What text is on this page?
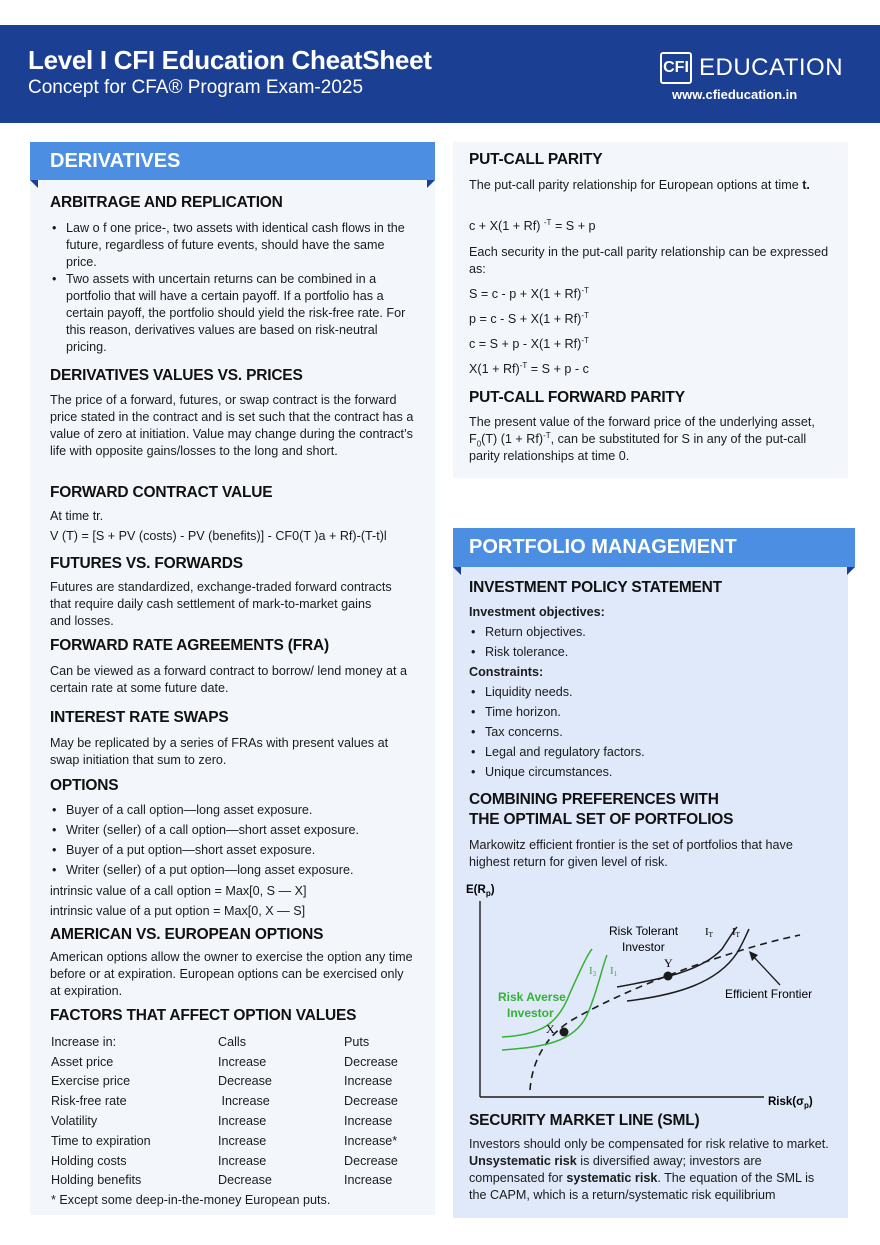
Level I CFI Education CheatSheet
Concept for CFA® Program Exam-2025
CFI EDUCATION
www.cfieducation.in
DERIVATIVES
ARBITRAGE AND REPLICATION
• Law o f one price-, two assets with identical cash flows in the future, regardless of future events, should have the same price.
• Two assets with uncertain returns can be combined in a portfolio that will have a certain payoff. If a portfolio has a certain payoff, the portfolio should yield the risk-free rate. For this reason, derivatives values are based on risk-neutral pricing.
DERIVATIVES VALUES VS. PRICES
The price of a forward, futures, or swap contract is the forward price stated in the contract and is set such that the contract has a value of zero at initiation. Value may change during the contract’s life with opposite gains/losses to the long and short.
FORWARD CONTRACT VALUE
At time tr.
V (T) = [S + PV (costs) - PV (benefits)] - CF0(T )a + Rf)-(T-t)l
FUTURES VS. FORWARDS
Futures are standardized, exchange-traded forward contracts that require daily cash settlement of mark-to-market gains and losses.
FORWARD RATE AGREEMENTS (FRA)
Can be viewed as a forward contract to borrow/ lend money at a certain rate at some future date.
INTEREST RATE SWAPS
May be replicated by a series of FRAs with present values at swap initiation that sum to zero.
OPTIONS
• Buyer of a call option—long asset exposure.
• Writer (seller) of a call option—short asset exposure.
• Buyer of a put option—short asset exposure.
• Writer (seller) of a put option—long asset exposure.
intrinsic value of a call option = Max[0, S — X]
intrinsic value of a put option = Max[0, X — S]
AMERICAN VS. EUROPEAN OPTIONS
American options allow the owner to exercise the option any time before or at expiration. European options can be exercised only at expiration.
FACTORS THAT AFFECT OPTION VALUES
Increase in:	Calls	Puts
Asset price	Increase	Decrease
Exercise price	Decrease	Increase
Risk-free rate	Increase	Decrease
Volatility	Increase	Increase
Time to expiration	Increase	Increase*
Holding costs	Increase	Decrease
Holding benefits	Decrease	Increase
* Except some deep-in-the-money European puts.
PUT-CALL PARITY
The put-call parity relationship for European options at time t.
c + X(1 + Rf) $^{-T}$ = S + p
Each security in the put-call parity relationship can be expressed as:
$S = c - p + X(1 + Rf)^{-T}$
$p = c - S + X(1 + Rf)^{-T}$
$c = S + p - X(1 + Rf)^{-T}$
$X(1 + Rf)^{-T} = S + p - c$
PUT-CALL FORWARD PARITY
The present value of the forward price of the underlying asset, $F_0(T) (1 + Rf)^{-T}$, can be substituted for S in any of the put-call parity relationships at time 0.
PORTFOLIO MANAGEMENT
INVESTMENT POLICY STATEMENT
Investment objectives:
• Return objectives.
• Risk tolerance.
Constraints:
• Liquidity needs.
• Time horizon.
• Tax concerns.
• Legal and regulatory factors.
• Unique circumstances.
COMBINING PREFERENCES WITH
THE OPTIMAL SET OF PORTFOLIOS
Markowitz efficient frontier is the set of portfolios that have highest return for given level of risk.
$E(R_p)$
$Risk(\sigma_p)$
X
Y
I3 I1
IT IT
Risk Tolerant
Investor
Risk Averse
Investor
Efficient Frontier
SECURITY MARKET LINE (SML)
Investors should only be compensated for risk relative to market. Unsystematic risk is diversified away; investors are compensated for systematic risk. The equation of the SML is the CAPM, which is a return/systematic risk equilibrium
